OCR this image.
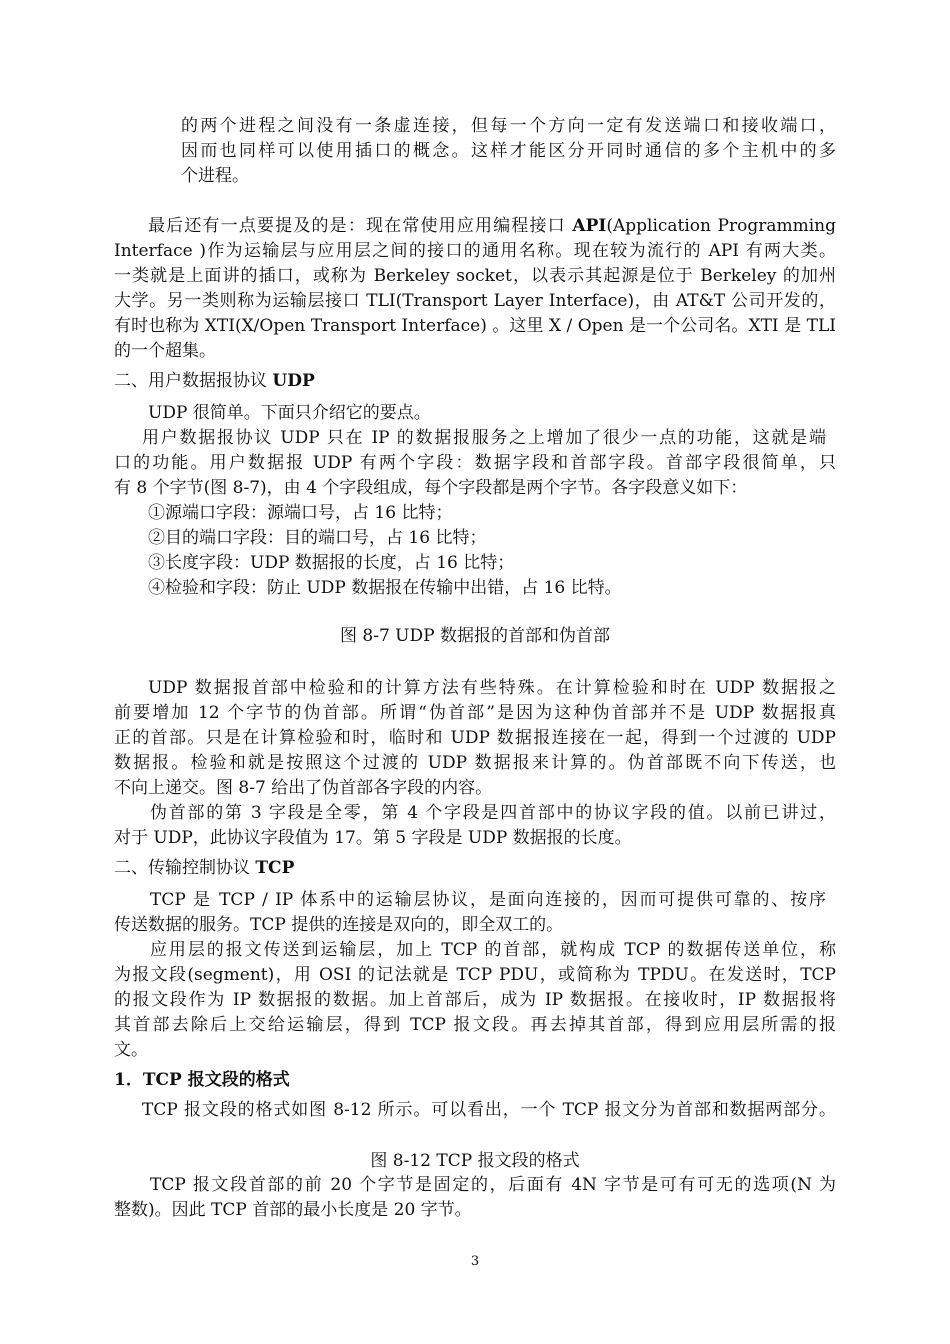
的两个进程之间没有一条虚连接，但每一个方向一定有发送端口和接收端口，
因而也同样可以使用插口的概念。这样才能区分开同时通信的多个主机中的多
个进程。
最后还有一点要提及的是：现在常使用应用编程接口 API(Application Programming
Interface )作为运输层与应用层之间的接口的通用名称。现在较为流行的 API 有两大类。
一类就是上面讲的插口，或称为 Berkeley socket，以表示其起源是位于 Berkeley 的加州
大学。另一类则称为运输层接口 TLI(Transport Layer Interface)，由 AT&T 公司开发的，
有时也称为 XTI(X/Open Transport Interface) 。这里 X / Open 是一个公司名。XTI 是 TLI
的一个超集。
二、用户数据报协议 UDP
UDP 很简单。下面只介绍它的要点。
用户数据报协议 UDP 只在 IP 的数据报服务之上增加了很少一点的功能，这就是端
口的功能。用户数据报 UDP 有两个字段：数据字段和首部字段。首部字段很简单，只
有 8 个字节(图 8-7)，由 4 个字段组成，每个字段都是两个字节。各字段意义如下：
①源端口字段：源端口号，占 16 比特；
②目的端口字段：目的端口号，占 16 比特；
③长度字段：UDP 数据报的长度，占 16 比特；
④检验和字段：防止 UDP 数据报在传输中出错，占 16 比特。
图 8-7 UDP 数据报的首部和伪首部
UDP 数据报首部中检验和的计算方法有些特殊。在计算检验和时在 UDP 数据报之
前要增加 12 个字节的伪首部。所谓“伪首部”是因为这种伪首部并不是 UDP 数据报真
正的首部。只是在计算检验和时，临时和 UDP 数据报连接在一起，得到一个过渡的 UDP
数据报。检验和就是按照这个过渡的 UDP 数据报来计算的。伪首部既不向下传送，也
不向上递交。图 8-7 给出了伪首部各字段的内容。
伪首部的第 3 字段是全零，第 4 个字段是四首部中的协议字段的值。以前已讲过，
对于 UDP，此协议字段值为 17。第 5 字段是 UDP 数据报的长度。
二、传输控制协议 TCP
TCP 是 TCP / IP 体系中的运输层协议，是面向连接的，因而可提供可靠的、按序
传送数据的服务。TCP 提供的连接是双向的，即全双工的。
应用层的报文传送到运输层，加上 TCP 的首部，就构成 TCP 的数据传送单位，称
为报文段(segment)，用 OSI 的记法就是 TCP PDU，或简称为 TPDU。在发送时，TCP
的报文段作为 IP 数据报的数据。加上首部后，成为 IP 数据报。在接收时，IP 数据报将
其首部去除后上交给运输层，得到 TCP 报文段。再去掉其首部，得到应用层所需的报
文。
1．TCP 报文段的格式
TCP 报文段的格式如图 8-12 所示。可以看出，一个 TCP 报文分为首部和数据两部分。
图 8-12 TCP 报文段的格式
TCP 报文段首部的前 20 个字节是固定的，后面有 4N 字节是可有可无的选项(N 为
整数)。因此 TCP 首部的最小长度是 20 字节。
3
